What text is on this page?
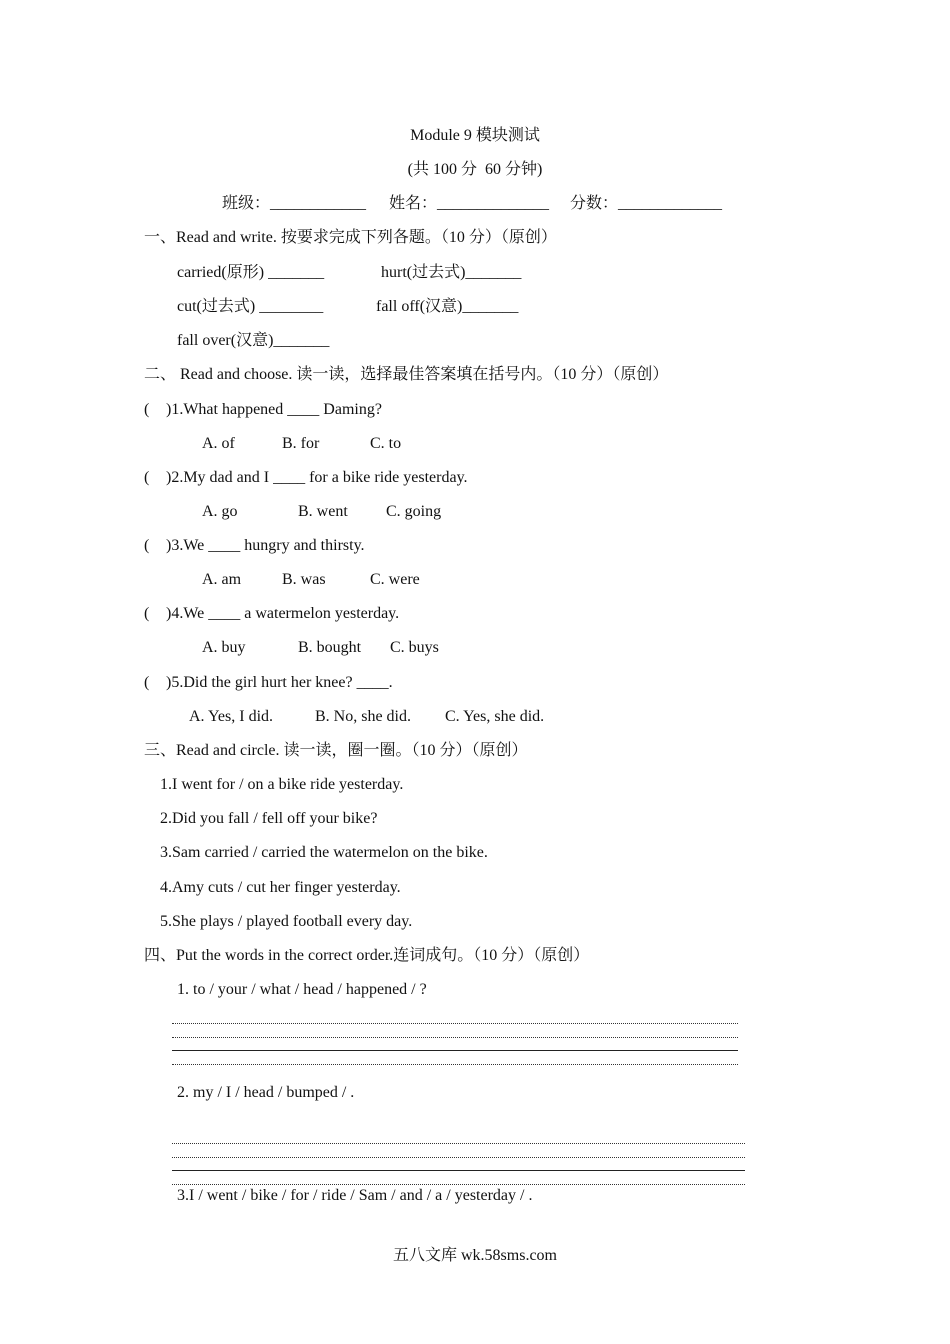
Module 9 模块测试
(共 100 分  60 分钟)
班级：____________ 姓名：______________ 分数：_____________
一、Read and write. 按要求完成下列各题。（10 分）（原创）
carried(原形) _______	hurt(过去式)_______
cut(过去式) ________	fall off(汉意)_______
fall over(汉意)_______
二、 Read and choose. 读一读，选择最佳答案填在括号内。（10 分）（原创）
( )1.What happened ____ Daming?
A. of	B. for	C. to
( )2.My dad and I ____ for a bike ride yesterday.
A. go	B. went C. going
( )3.We ____ hungry and thirsty.
A. am	B. was	C. were
( )4.We ____ a watermelon yesterday.
A. buy	B. bought C. buys
( )5.Did the girl hurt her knee? ____.
A. Yes, I did.	B. No, she did. C. Yes, she did.
三、Read and circle. 读一读，圈一圈。（10 分）（原创）
1.I went for / on a bike ride yesterday.
2.Did you fall / fell off your bike?
3.Sam carried / carried the watermelon on the bike.
4.Amy cuts / cut her finger yesterday.
5.She plays / played football every day.
四、Put the words in the correct order.连词成句。（10 分）（原创）
1. to / your / what / head / happened / ?
2. my / I / head / bumped / .
3.I / went / bike / for / ride / Sam / and / a / yesterday / .
五八文库 wk.58sms.com
